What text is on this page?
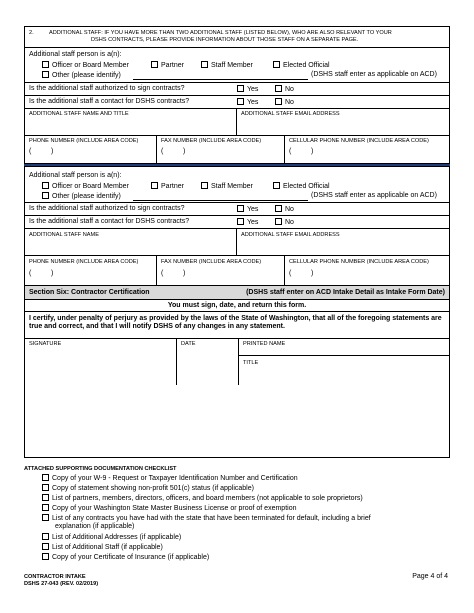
2.	ADDITIONAL STAFF: IF YOU HAVE MORE THAN TWO ADDITIONAL STAFF (LISTED BELOW), WHO ARE ALSO RELEVANT TO YOUR
DSHS CONTRACTS, PLEASE PROVIDE INFORMATION ABOUT THOSE STAFF ON A SEPARATE PAGE.
Additional staff person is a(n):
Officer or Board Member	Partner	Staff Member	Elected Official
Other (please identify)	(DSHS staff enter as applicable on ACD)
Is the additional staff authorized to sign contracts?	Yes	No
Is the additional staff a contact for DSHS contracts?	Yes	No
ADDITIONAL STAFF NAME AND TITLE	ADDITIONAL STAFF EMAIL ADDRESS
PHONE NUMBER (INCLUDE AREA CODE)
(	)
FAX NUMBER (INCLUDE AREA CODE)
(	)
CELLULAR PHONE NUMBER (INCLUDE AREA CODE)
(	)
Additional staff person is a(n):
Officer or Board Member	Partner	Staff Member	Elected Official
Other (please identify)	(DSHS staff enter as applicable on ACD)
Is the additional staff authorized to sign contracts?	Yes	No
Is the additional staff a contact for DSHS contracts?	Yes	No
ADDITIONAL STAFF NAME	ADDITIONAL STAFF EMAIL ADDRESS
PHONE NUMBER (INCLUDE AREA CODE)
(	)
FAX NUMBER (INCLUDE AREA CODE)
(	)
CELLULAR PHONE NUMBER (INCLUDE AREA CODE)
(	)
Section Six: Contractor Certification	(DSHS staff enter on ACD Intake Detail as Intake Form Date)
You must sign, date, and return this form.
I certify, under penalty of perjury as provided by the laws of the State of Washington, that all of the foregoing statements are true and correct, and that I will notify DSHS of any changes in any statement.
SIGNATURE	DATE	PRINTED NAME
TITLE
ATTACHED SUPPORTING DOCUMENTATION CHECKLIST
Copy of your W-9 - Request or Taxpayer Identification Number and Certification
Copy of statement showing non-profit 501(c) status (if applicable)
List of partners, members, directors, officers, and board members (not applicable to sole proprietors)
Copy of your Washington State Master Business License or proof of exemption
List of any contracts you have had with the state that have been terminated for default, including a brief
explanation (if applicable)
List of Additional Addresses (if applicable)
List of Additional Staff (if applicable)
Copy of your Certificate of Insurance (if applicable)
CONTRACTOR INTAKE
DSHS 27-043 (REV. 02/2019)
Page 4 of 4
